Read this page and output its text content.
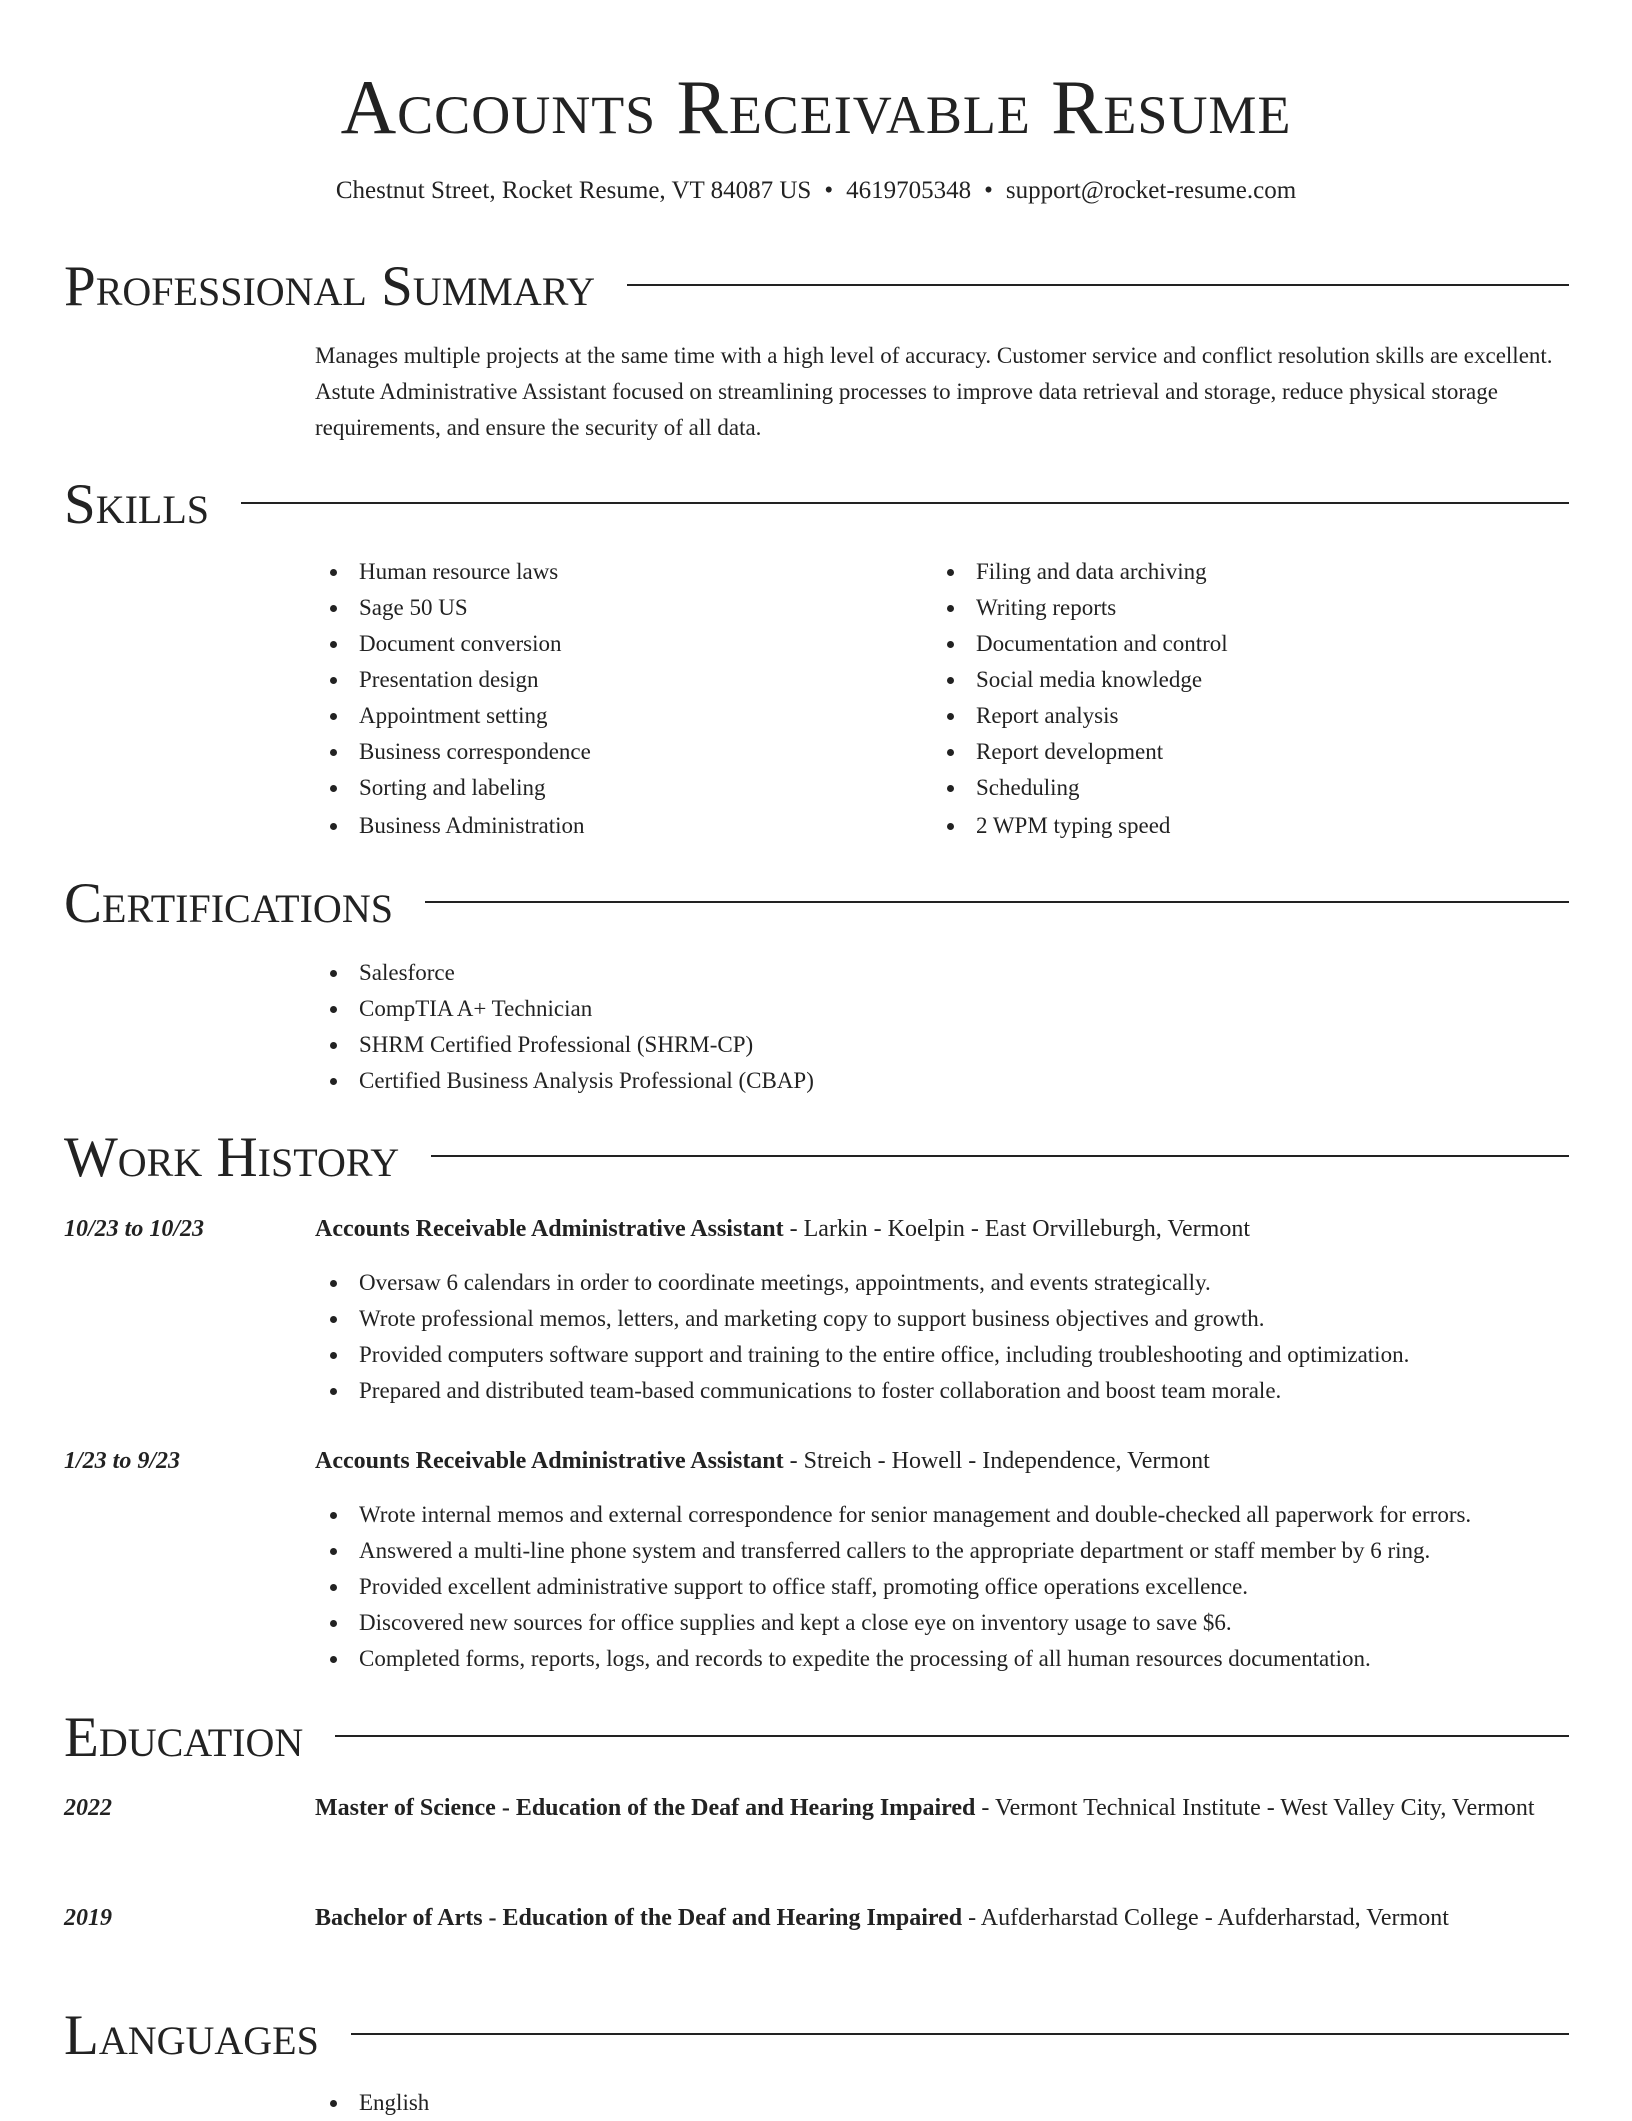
Accounts Receivable Resume
Chestnut Street, Rocket Resume, VT 84087 US • 4619705348 • support@rocket-resume.com
Professional Summary
Manages multiple projects at the same time with a high level of accuracy. Customer service and conflict resolution skills are excellent. Astute Administrative Assistant focused on streamlining processes to improve data retrieval and storage, reduce physical storage requirements, and ensure the security of all data.
Skills
Human resource laws
Sage 50 US
Document conversion
Presentation design
Appointment setting
Business correspondence
Sorting and labeling
Business Administration
Filing and data archiving
Writing reports
Documentation and control
Social media knowledge
Report analysis
Report development
Scheduling
2 WPM typing speed
Certifications
Salesforce
CompTIA A+ Technician
SHRM Certified Professional (SHRM-CP)
Certified Business Analysis Professional (CBAP)
Work History
10/23 to 10/23	Accounts Receivable Administrative Assistant - Larkin - Koelpin - East Orvilleburgh, Vermont
Oversaw 6 calendars in order to coordinate meetings, appointments, and events strategically.
Wrote professional memos, letters, and marketing copy to support business objectives and growth.
Provided computers software support and training to the entire office, including troubleshooting and optimization.
Prepared and distributed team-based communications to foster collaboration and boost team morale.
1/23 to 9/23	Accounts Receivable Administrative Assistant - Streich - Howell - Independence, Vermont
Wrote internal memos and external correspondence for senior management and double-checked all paperwork for errors.
Answered a multi-line phone system and transferred callers to the appropriate department or staff member by 6 ring.
Provided excellent administrative support to office staff, promoting office operations excellence.
Discovered new sources for office supplies and kept a close eye on inventory usage to save $6.
Completed forms, reports, logs, and records to expedite the processing of all human resources documentation.
Education
2022	Master of Science - Education of the Deaf and Hearing Impaired - Vermont Technical Institute - West Valley City, Vermont
2019	Bachelor of Arts - Education of the Deaf and Hearing Impaired - Aufderharstad College - Aufderharstad, Vermont
Languages
English
